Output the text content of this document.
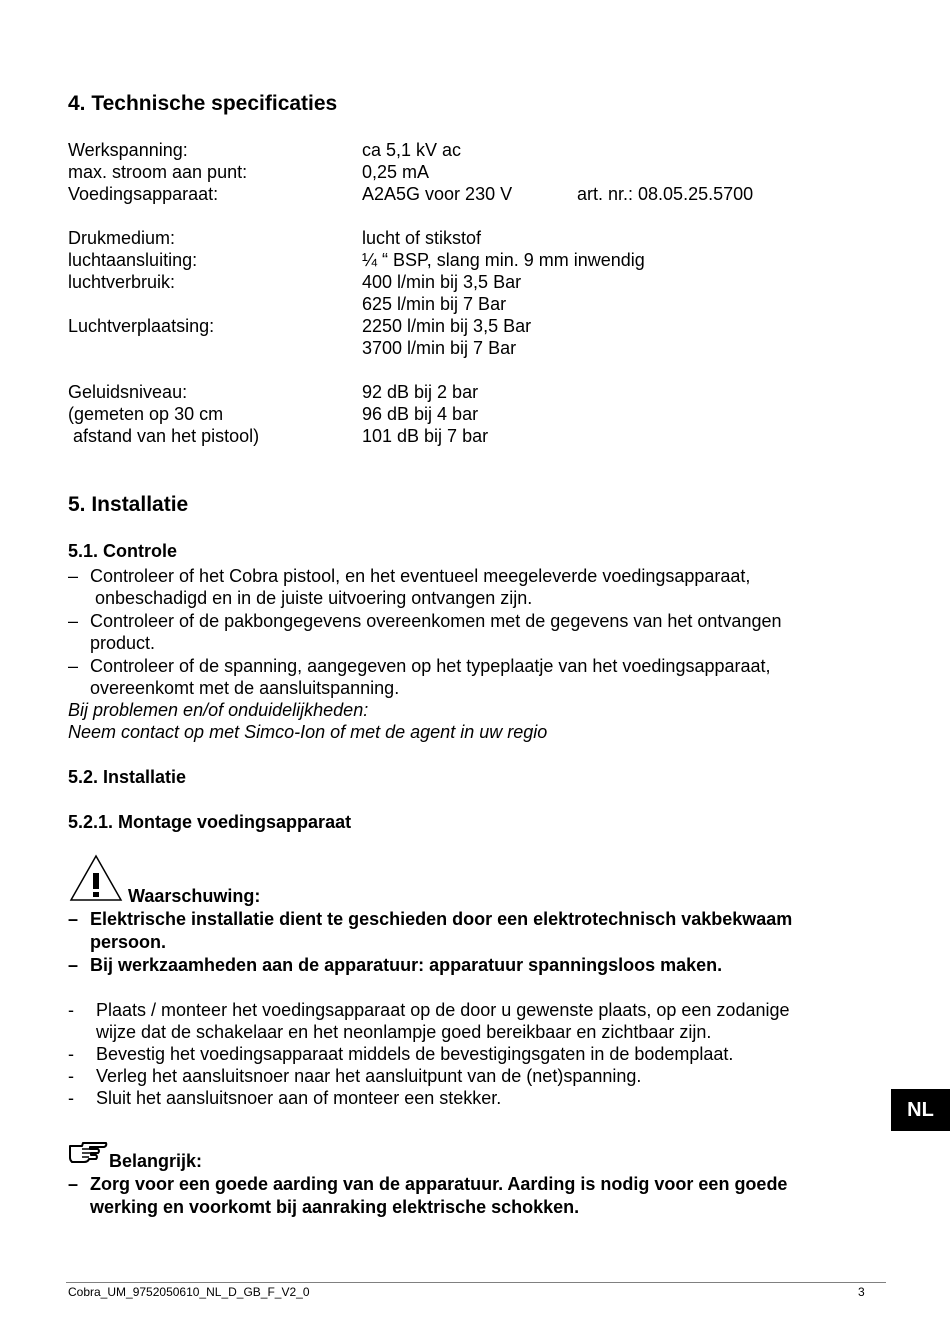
4. Technische specificaties
Werkspanning:	ca 5,1 kV ac
max. stroom aan punt:	0,25 mA
Voedingsapparaat:	A2A5G voor 230 V	art. nr.: 08.05.25.5700
Drukmedium:	lucht of stikstof
luchtaansluiting:	¼ “ BSP, slang min. 9 mm inwendig
luchtverbruik:	400 l/min bij 3,5 Bar
625 l/min bij 7 Bar
Luchtverplaatsing:	2250 l/min bij 3,5 Bar
3700 l/min bij 7 Bar
Geluidsniveau:	92 dB bij 2 bar
(gemeten op 30 cm	96 dB bij 4 bar
afstand van het pistool)	101 dB bij 7 bar
5. Installatie
5.1. Controle
– Controleer of het Cobra pistool, en het eventueel meegeleverde voedingsapparaat,
onbeschadigd en in de juiste uitvoering ontvangen zijn.
– Controleer of de pakbongegevens overeenkomen met de gegevens van het ontvangen
product.
– Controleer of de spanning, aangegeven op het typeplaatje van het voedingsapparaat,
overeenkomt met de aansluitspanning.
Bij problemen en/of onduidelijkheden:
Neem contact op met Simco-Ion of met de agent in uw regio
5.2. Installatie
5.2.1. Montage voedingsapparaat
Waarschuwing:
– Elektrische installatie dient te geschieden door een elektrotechnisch vakbekwaam
persoon.
– Bij werkzaamheden aan de apparatuur: apparatuur spanningsloos maken.
- Plaats / monteer het voedingsapparaat op de door u gewenste plaats, op een zodanige
wijze dat de schakelaar en het neonlampje goed bereikbaar en zichtbaar zijn.
- Bevestig het voedingsapparaat middels de bevestigingsgaten in de bodemplaat.
- Verleg het aansluitsnoer naar het aansluitpunt van de (net)spanning.
- Sluit het aansluitsnoer aan of monteer een stekker.
Belangrijk:
– Zorg voor een goede aarding van de apparatuur. Aarding is nodig voor een goede
NL
Cobra_UM_9752050610_NL_D_GB_F_V2_0	3
werking en voorkomt bij aanraking elektrische schokken.
